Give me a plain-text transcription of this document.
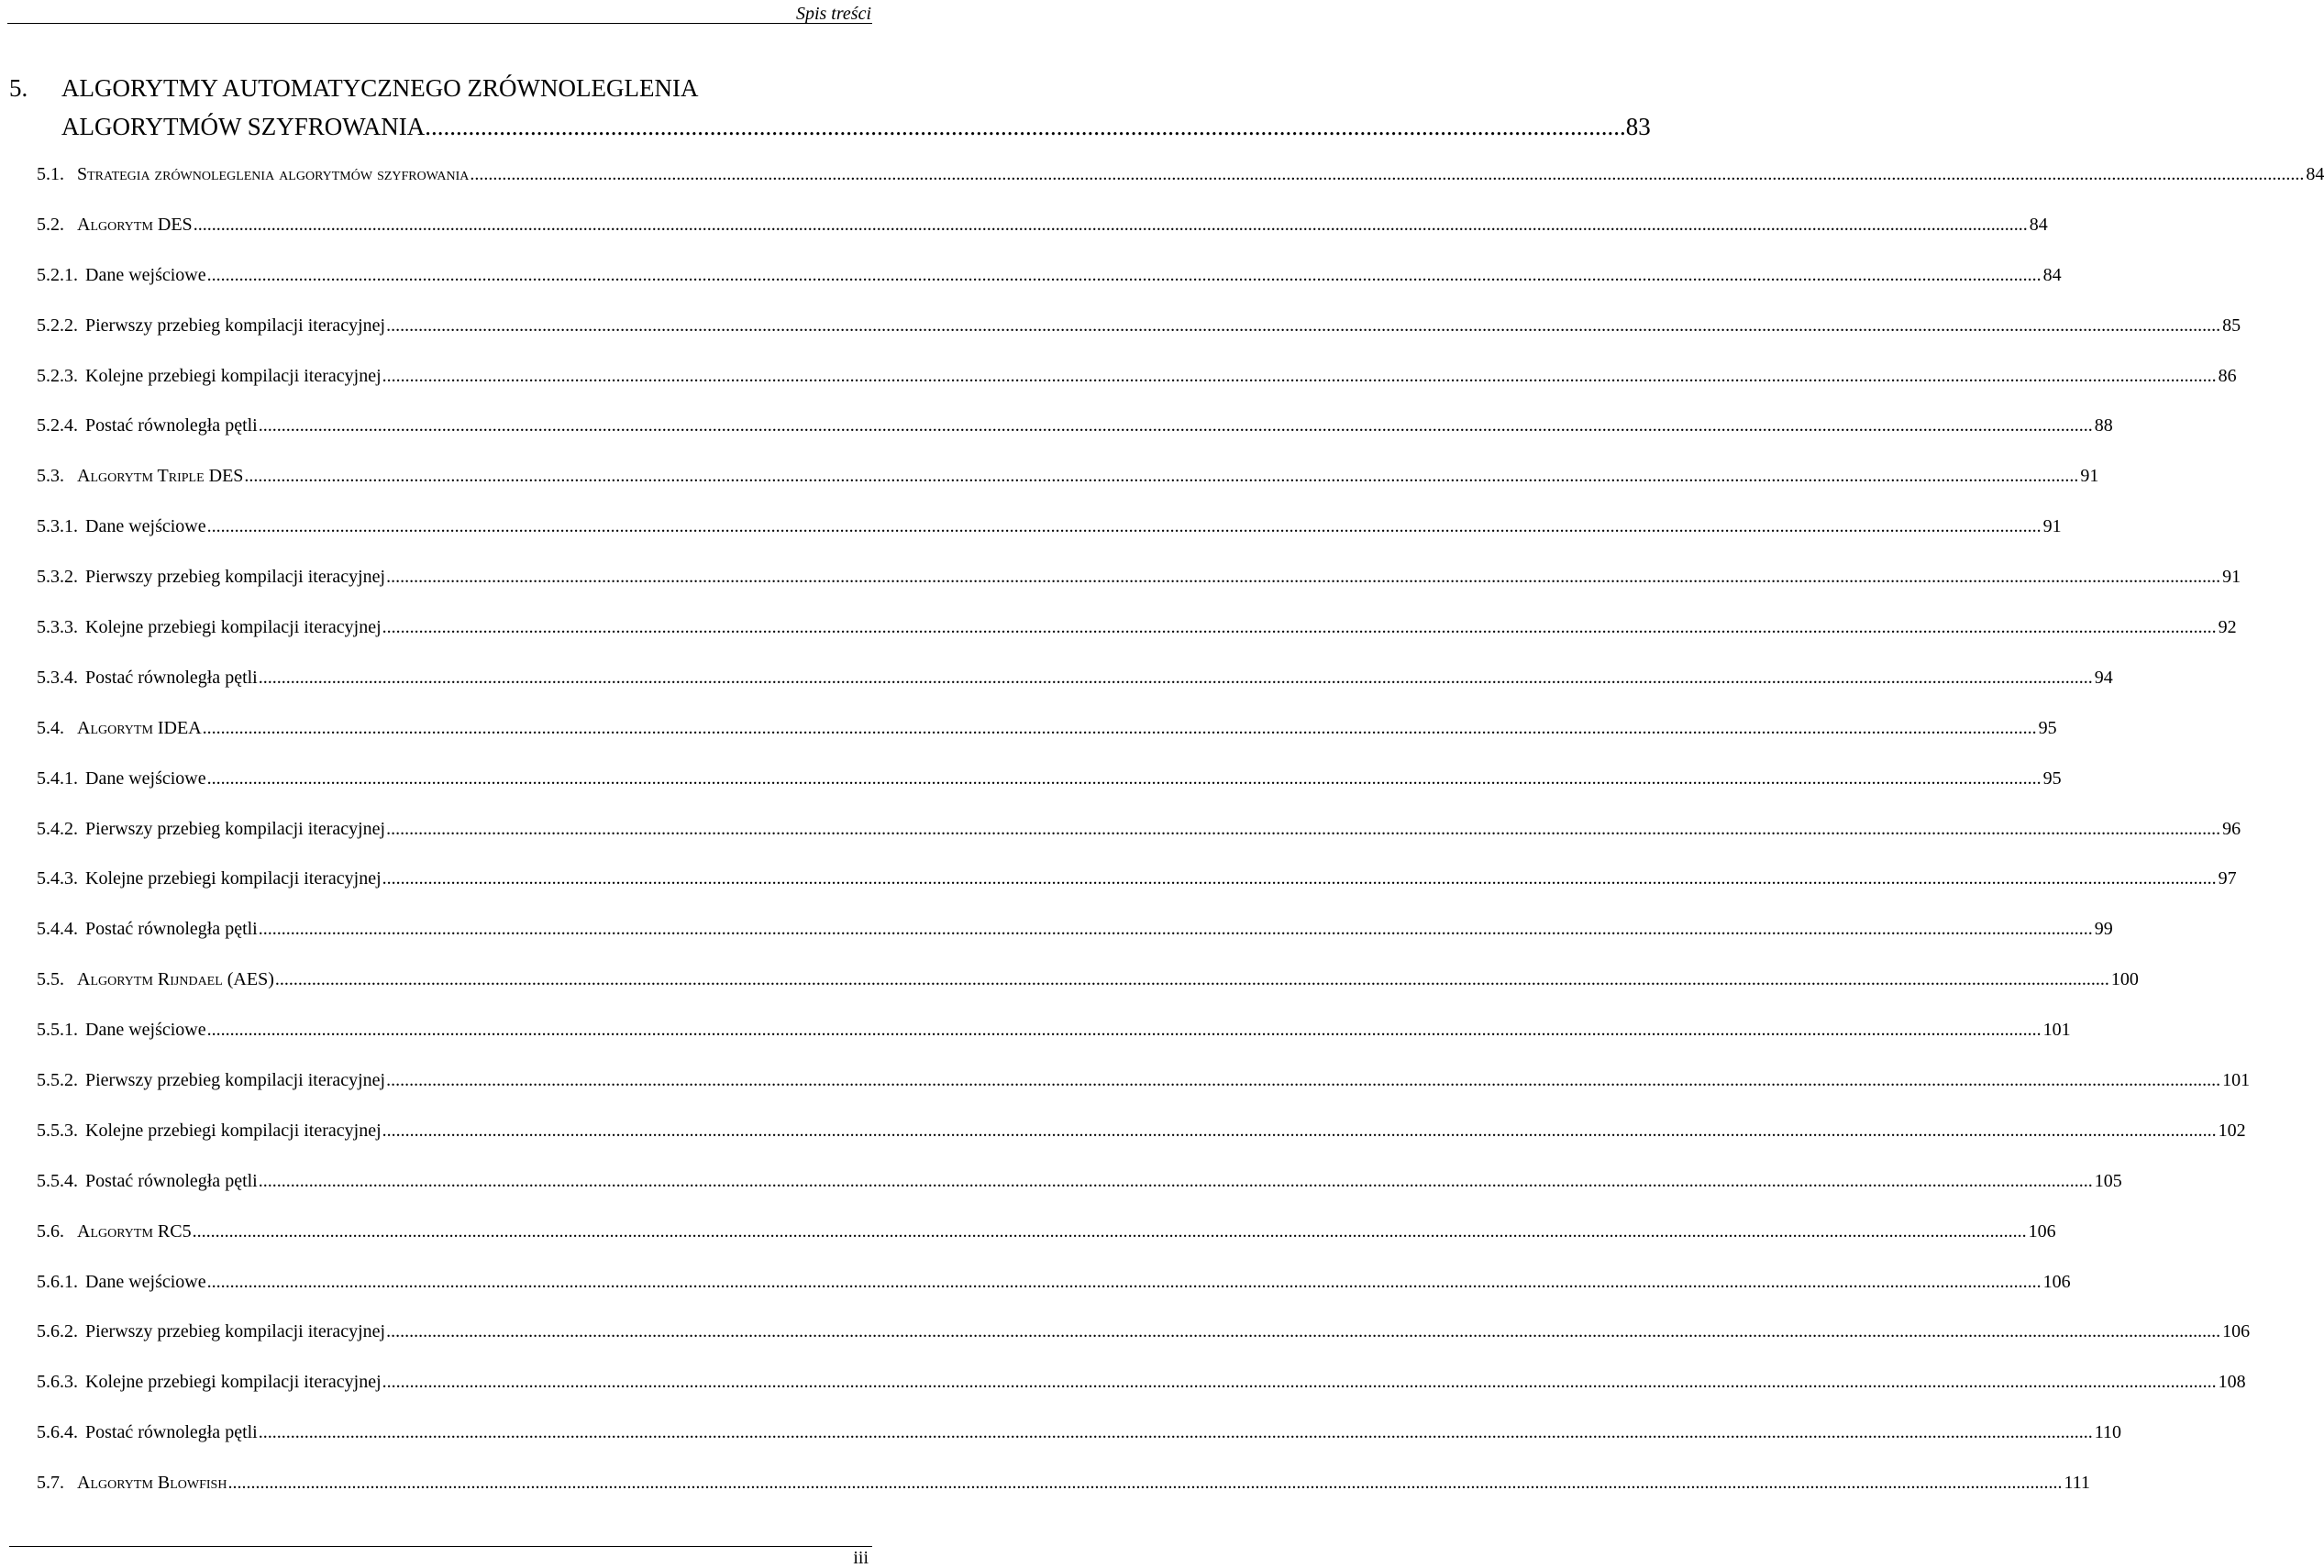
Spis treści
5. ALGORYTMY AUTOMATYCZNEGO ZRÓWNOLEGLENIA
ALGORYTMÓW SZYFROWANIA .................................................................................................................................................................................................. 83
5.1. Strategia zrównoleglenia algorytmów szyfrowania ................................................................................................................................................................................................................................................................................................................................................................................................................ 84
5.2. Algorytm DES ................................................................................................................................................................................................................................................................................................................................................................................................................ 84
5.2.1. Dane wejściowe ................................................................................................................................................................................................................................................................................................................................................................................................................ 84
5.2.2. Pierwszy przebieg kompilacji iteracyjnej ................................................................................................................................................................................................................................................................................................................................................................................................................ 85
5.2.3. Kolejne przebiegi kompilacji iteracyjnej ................................................................................................................................................................................................................................................................................................................................................................................................................ 86
5.2.4. Postać równoległa pętli ................................................................................................................................................................................................................................................................................................................................................................................................................ 88
5.3. Algorytm Triple DES ................................................................................................................................................................................................................................................................................................................................................................................................................ 91
5.3.1. Dane wejściowe ................................................................................................................................................................................................................................................................................................................................................................................................................ 91
5.3.2. Pierwszy przebieg kompilacji iteracyjnej ................................................................................................................................................................................................................................................................................................................................................................................................................ 91
5.3.3. Kolejne przebiegi kompilacji iteracyjnej ................................................................................................................................................................................................................................................................................................................................................................................................................ 92
5.3.4. Postać równoległa pętli ................................................................................................................................................................................................................................................................................................................................................................................................................ 94
5.4. Algorytm IDEA ................................................................................................................................................................................................................................................................................................................................................................................................................ 95
5.4.1. Dane wejściowe ................................................................................................................................................................................................................................................................................................................................................................................................................ 95
5.4.2. Pierwszy przebieg kompilacji iteracyjnej ................................................................................................................................................................................................................................................................................................................................................................................................................ 96
5.4.3. Kolejne przebiegi kompilacji iteracyjnej ................................................................................................................................................................................................................................................................................................................................................................................................................ 97
5.4.4. Postać równoległa pętli ................................................................................................................................................................................................................................................................................................................................................................................................................ 99
5.5. Algorytm Rijndael (AES) ................................................................................................................................................................................................................................................................................................................................................................................................................ 100
5.5.1. Dane wejściowe ................................................................................................................................................................................................................................................................................................................................................................................................................ 101
5.5.2. Pierwszy przebieg kompilacji iteracyjnej ................................................................................................................................................................................................................................................................................................................................................................................................................ 101
5.5.3. Kolejne przebiegi kompilacji iteracyjnej ................................................................................................................................................................................................................................................................................................................................................................................................................ 102
5.5.4. Postać równoległa pętli ................................................................................................................................................................................................................................................................................................................................................................................................................ 105
5.6. Algorytm RC5 ................................................................................................................................................................................................................................................................................................................................................................................................................ 106
5.6.1. Dane wejściowe ................................................................................................................................................................................................................................................................................................................................................................................................................ 106
5.6.2. Pierwszy przebieg kompilacji iteracyjnej ................................................................................................................................................................................................................................................................................................................................................................................................................ 106
5.6.3. Kolejne przebiegi kompilacji iteracyjnej ................................................................................................................................................................................................................................................................................................................................................................................................................ 108
5.6.4. Postać równoległa pętli ................................................................................................................................................................................................................................................................................................................................................................................................................ 110
5.7. Algorytm Blowfish ................................................................................................................................................................................................................................................................................................................................................................................................................ 111
iii
